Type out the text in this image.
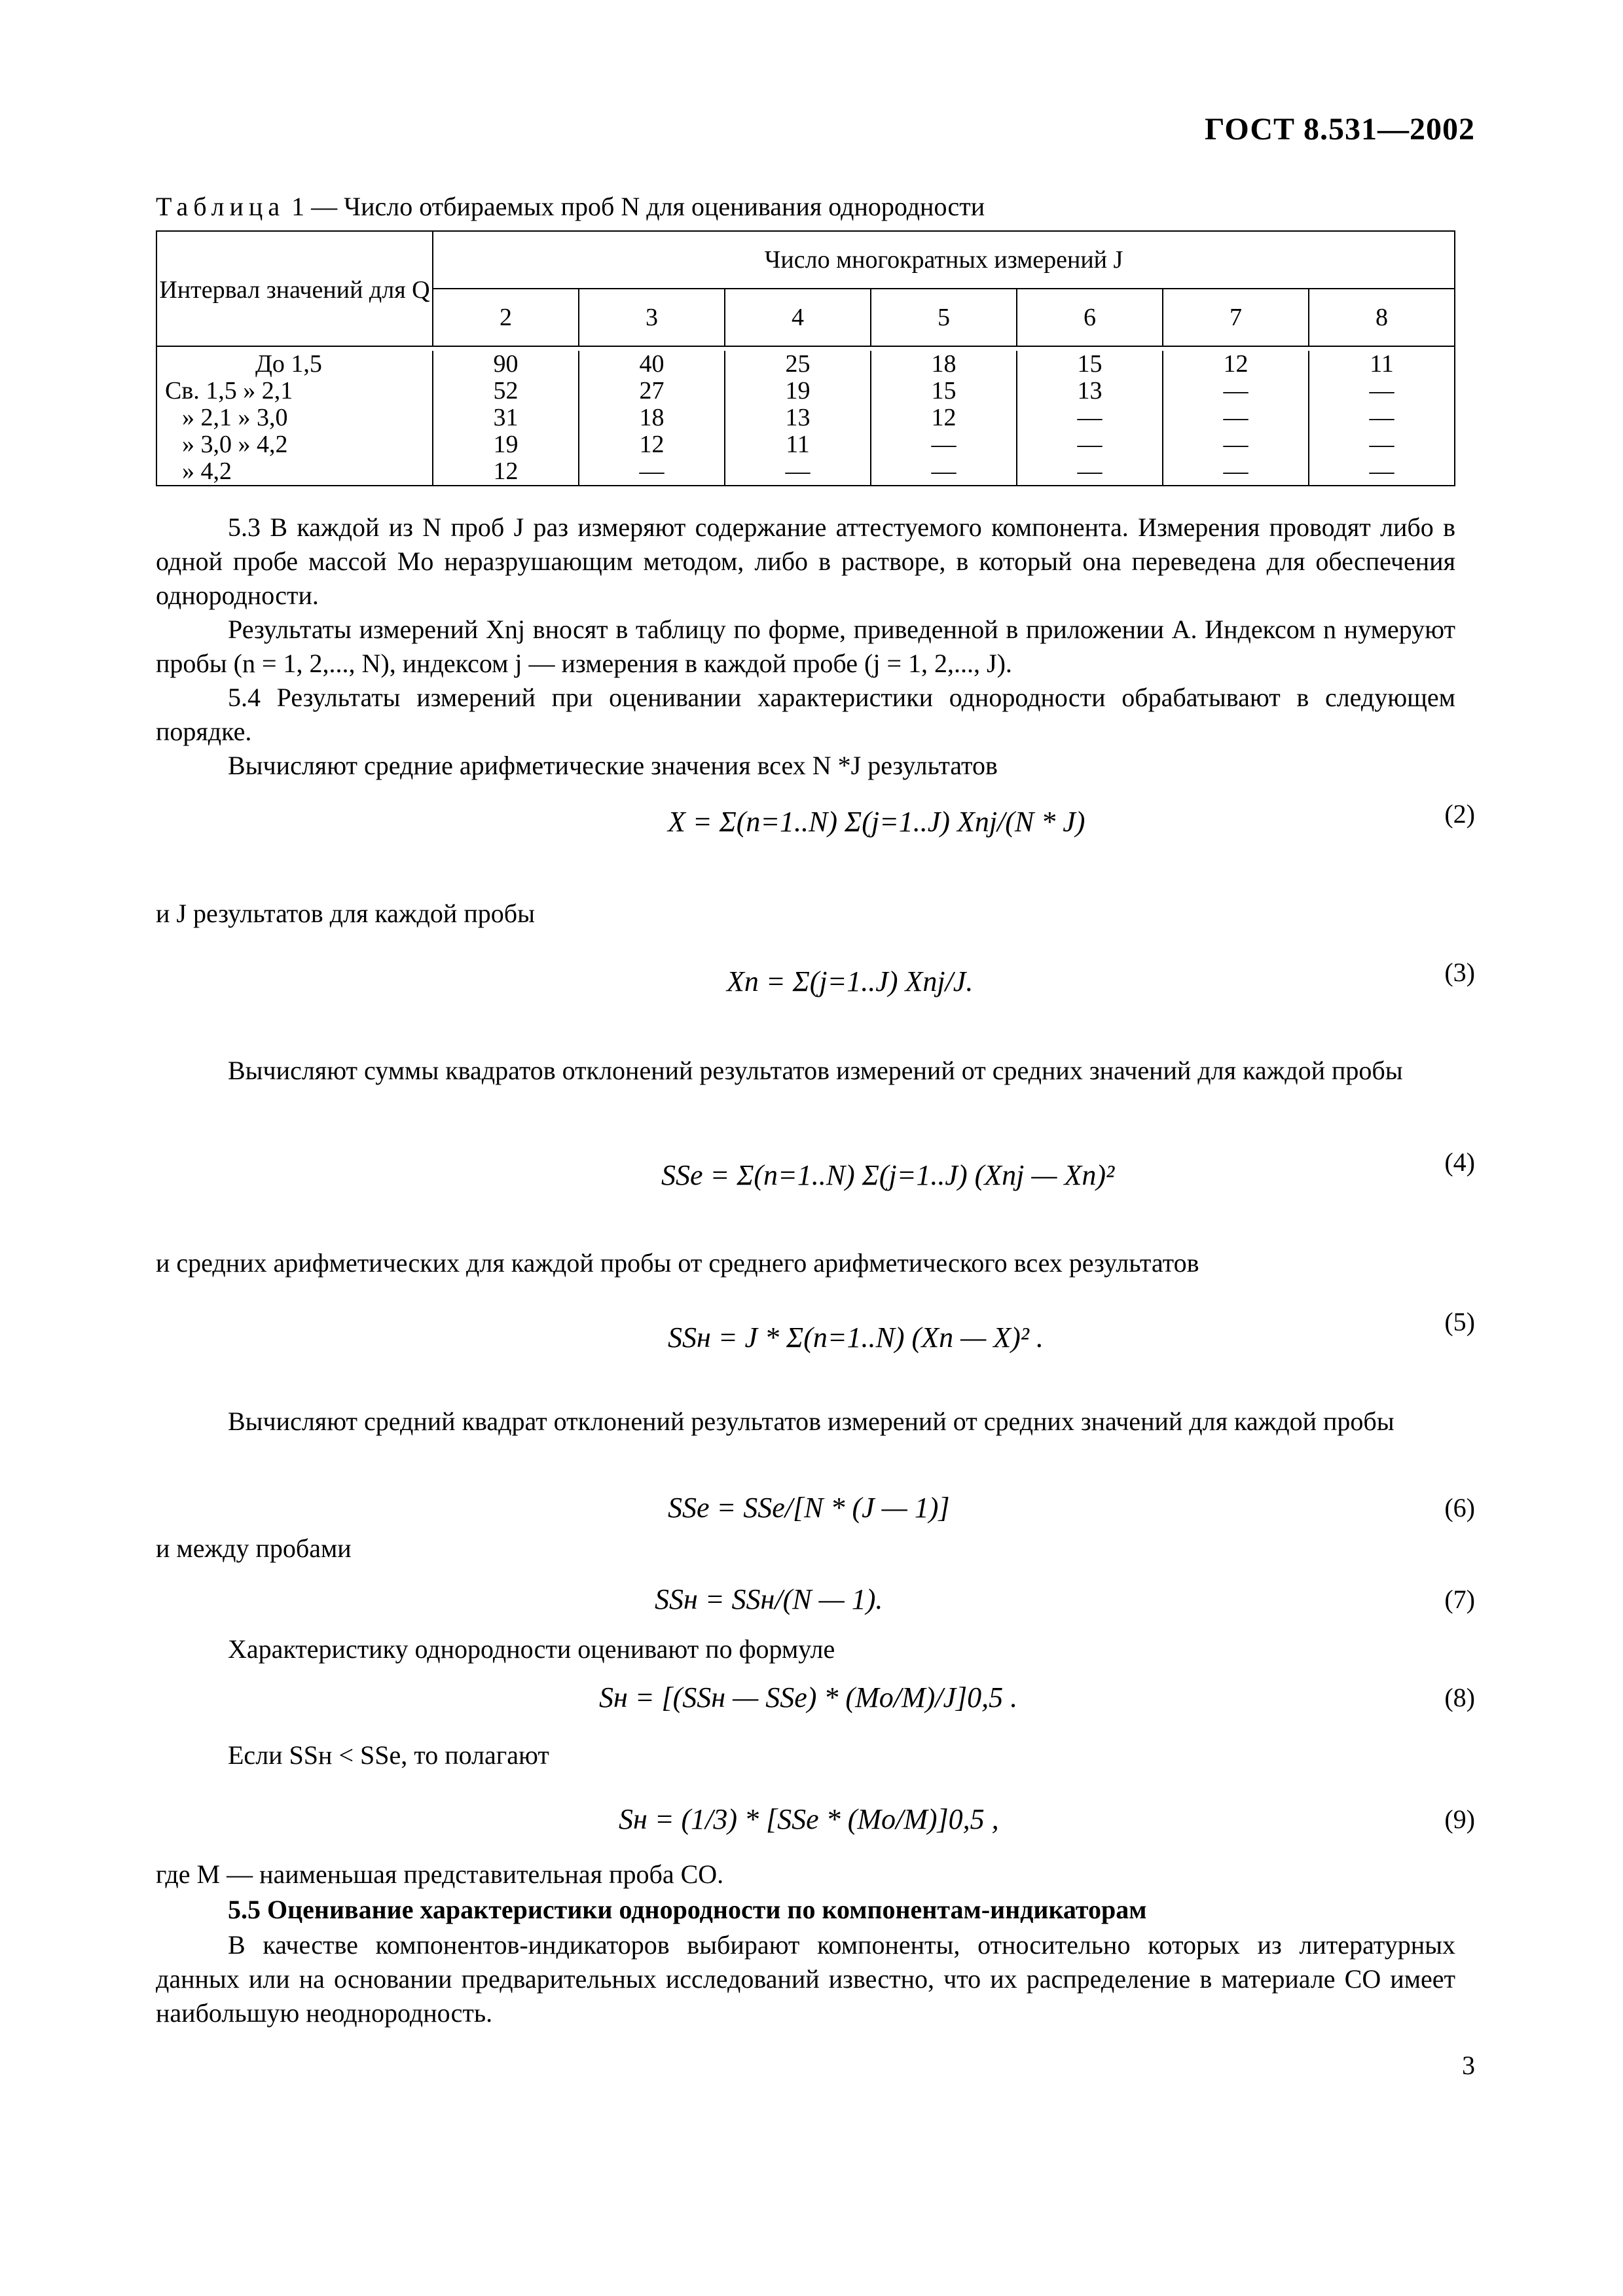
ГОСТ 8.531—2002
Таблица 1 — Число отбираемых проб N для оценивания однородности
Интервал значений для Q	Число многократных измерений J						
	2	3	4	5	6	7	8

До 1,5	90	40	25	18	15	12	11
Св. 1,5 » 2,1	52	27	19	15	13	—	—
» 2,1 » 3,0	31	18	13	12	—	—	—
» 3,0 » 4,2	19	12	11	—	—	—	—
» 4,2	12	—	—	—	—	—	—
5.3 В каждой из N проб J раз измеряют содержание аттестуемого компонента. Измерения проводят либо в одной пробе массой Mо неразрушающим методом, либо в растворе, в который она переведена для обеспечения однородности.
Результаты измерений Xnj вносят в таблицу по форме, приведенной в приложении А. Индексом n нумеруют пробы (n = 1, 2,..., N), индексом j — измерения в каждой пробе (j = 1, 2,..., J).
5.4 Результаты измерений при оценивании характеристики однородности обрабатывают в следующем порядке.
Вычисляют средние арифметические значения всех N *J результатов
X = Σ(n=1..N) Σ(j=1..J) Xnj/(N * J)	(2)
и J результатов для каждой пробы
Xn = Σ(j=1..J) Xnj/J.	(3)
Вычисляют суммы квадратов отклонений результатов измерений от средних значений для каждой пробы
SSe = Σ(n=1..N) Σ(j=1..J) (Xnj — Xn)²	(4)
и средних арифметических для каждой пробы от среднего арифметического всех результатов
SSн = J * Σ(n=1..N) (Xn — X)² .	(5)
Вычисляют средний квадрат отклонений результатов измерений от средних значений для каждой пробы
SSe = SSe/[N * (J — 1)]	(6)
и между пробами
SSн = SSн/(N — 1).	(7)
Характеристику однородности оценивают по формуле
Sн = [(SSн — SSe) * (Mо/M)/J]0,5 .	(8)
Если SSн < SSe, то полагают
Sн = (1/3) * [SSe * (Mо/M)]0,5 ,	(9)
где M — наименьшая представительная проба СО.
5.5 Оценивание характеристики однородности по компонентам-индикаторам
В качестве компонентов-индикаторов выбирают компоненты, относительно которых из литературных данных или на основании предварительных исследований известно, что их распределение в материале СО имеет наибольшую неоднородность.
3
